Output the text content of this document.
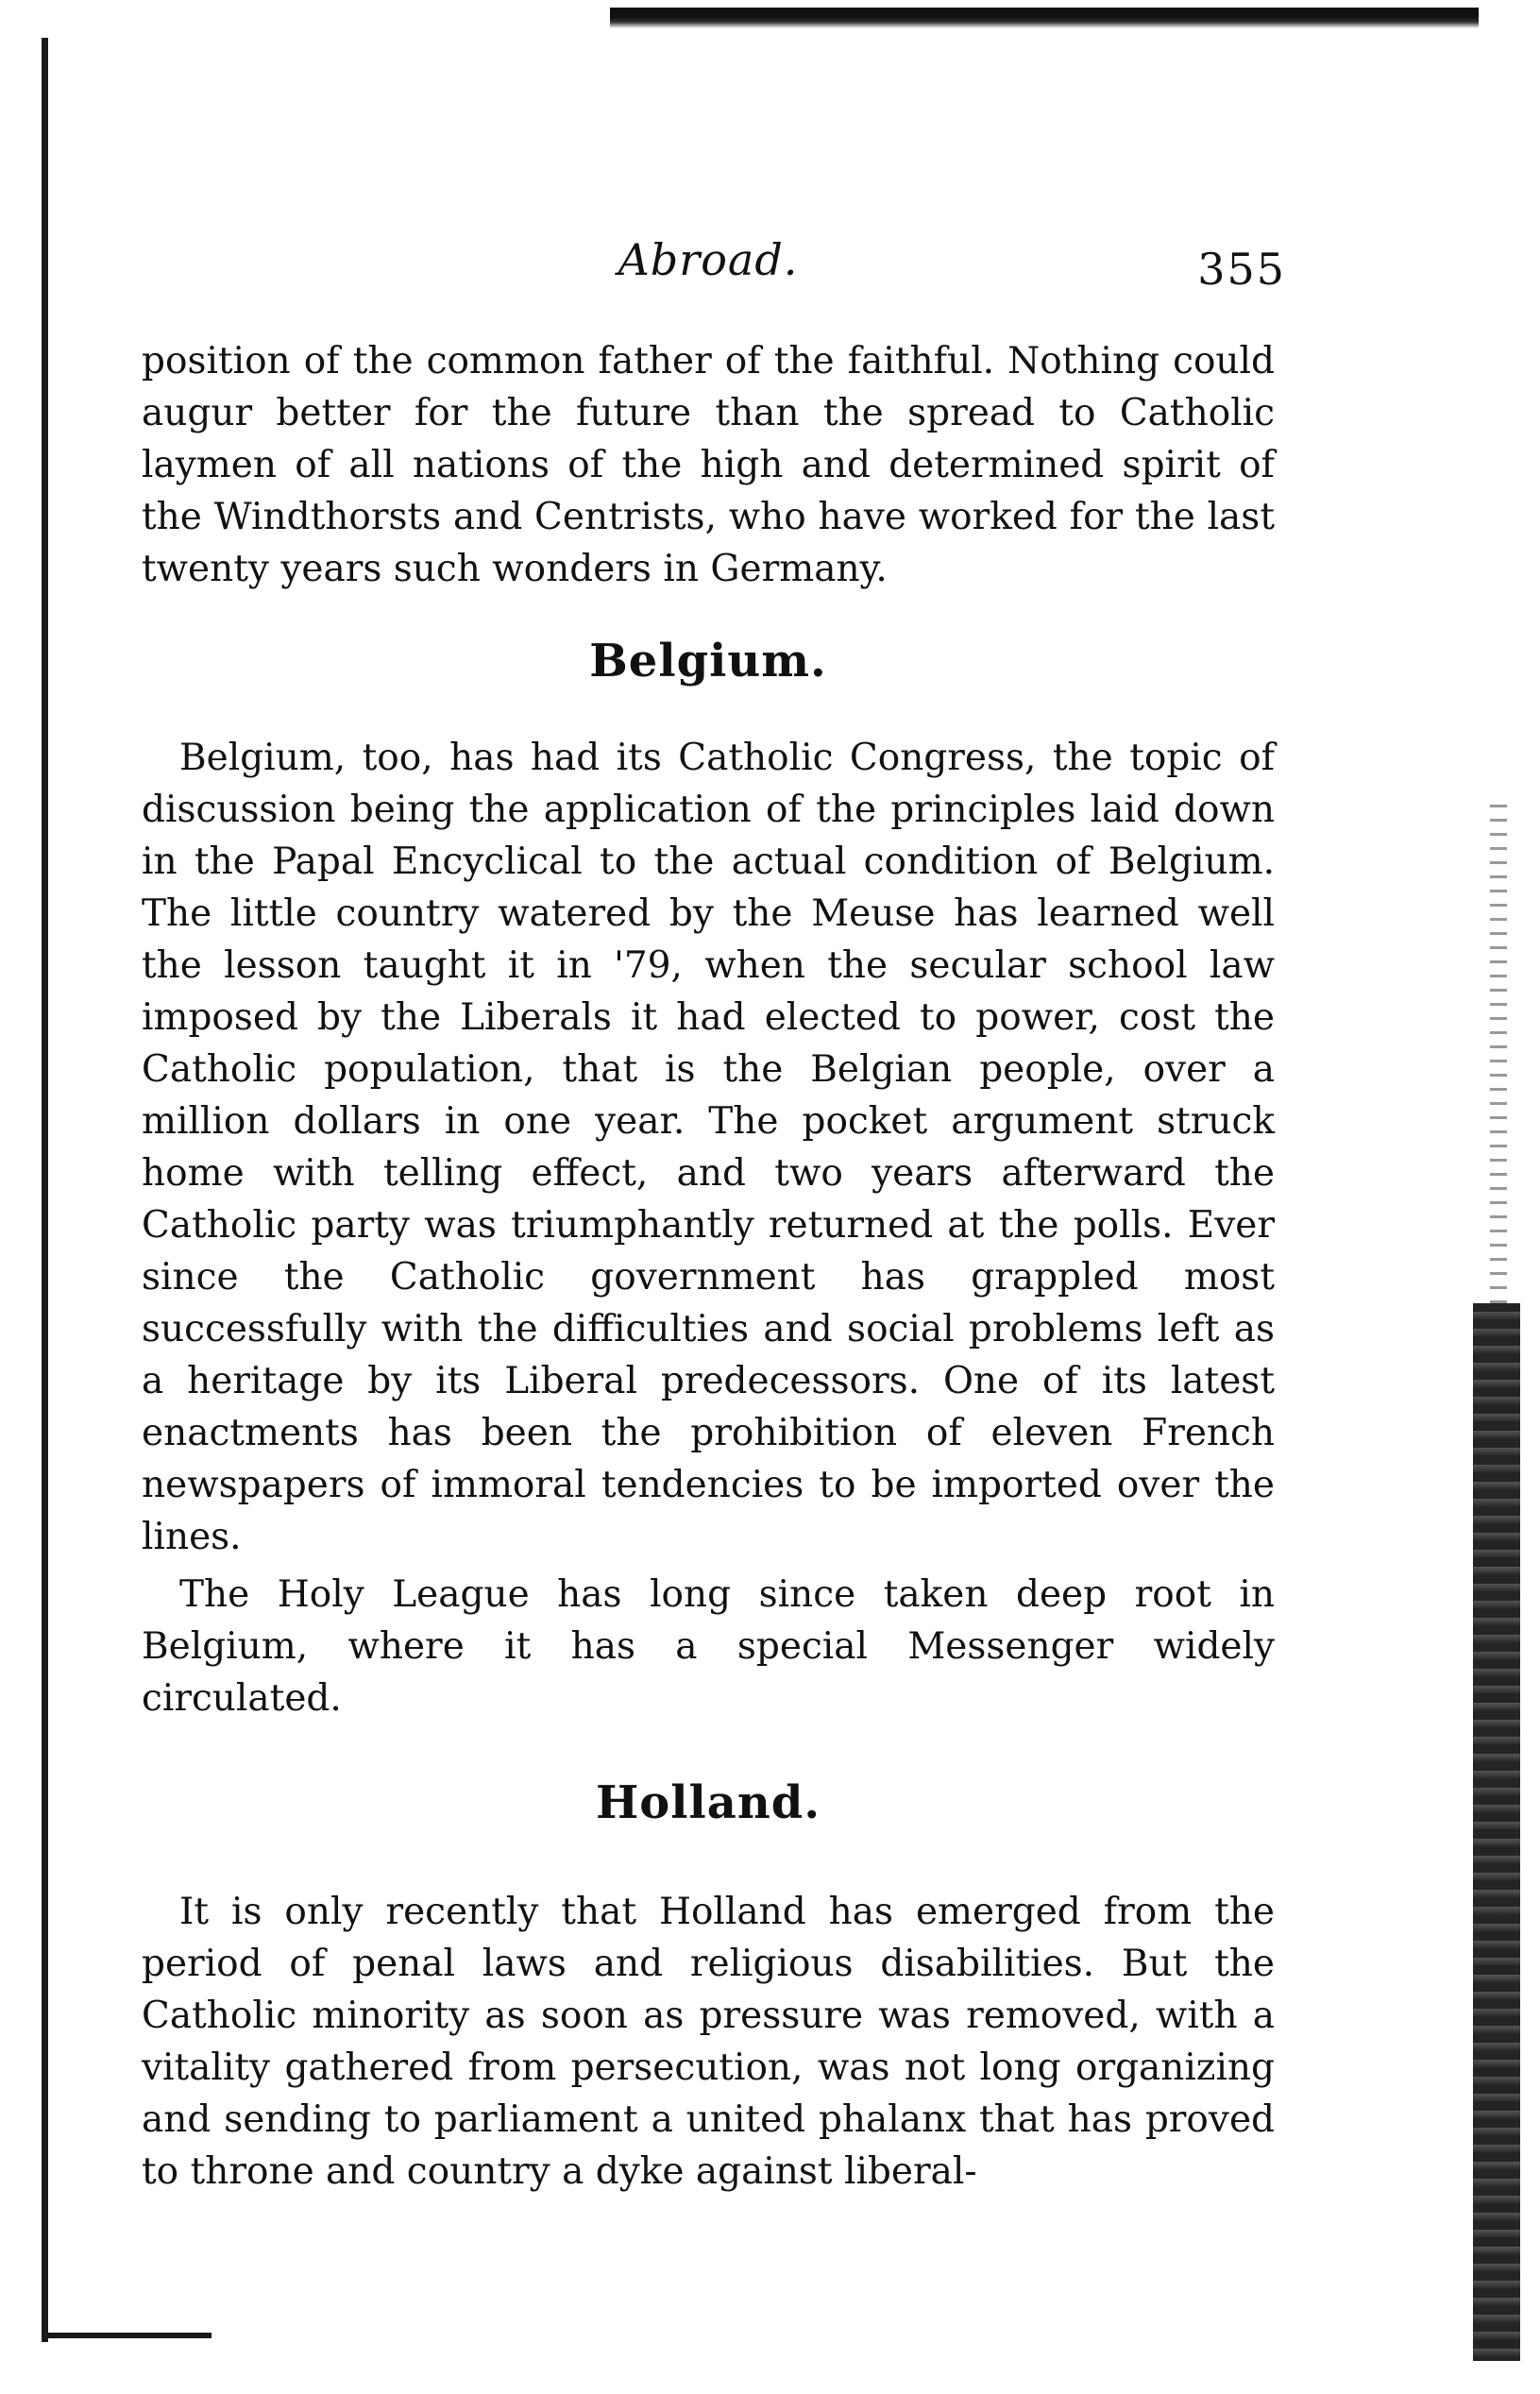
Abroad.	355

position of the common father of the faithful. Nothing could augur better for the future than the spread to Catholic laymen of all nations of the high and determined spirit of the Windthorsts and Centrists, who have worked for the last twenty years such wonders in Germany.

Belgium.

Belgium, too, has had its Catholic Congress, the topic of discussion being the application of the principles laid down in the Papal Encyclical to the actual condition of Belgium. The little country watered by the Meuse has learned well the lesson taught it in '79, when the secular school law imposed by the Liberals it had elected to power, cost the Catholic population, that is the Belgian people, over a million dollars in one year. The pocket argument struck home with telling effect, and two years afterward the Catholic party was triumphantly returned at the polls. Ever since the Catholic government has grappled most successfully with the difficulties and social problems left as a heritage by its Liberal predecessors. One of its latest enactments has been the prohibition of eleven French newspapers of immoral tendencies to be imported over the lines.

The Holy League has long since taken deep root in Belgium, where it has a special Messenger widely circulated.

Holland.

It is only recently that Holland has emerged from the period of penal laws and religious disabilities. But the Catholic minority as soon as pressure was removed, with a vitality gathered from persecution, was not long organizing and sending to parliament a united phalanx that has proved to throne and country a dyke against liberal-
